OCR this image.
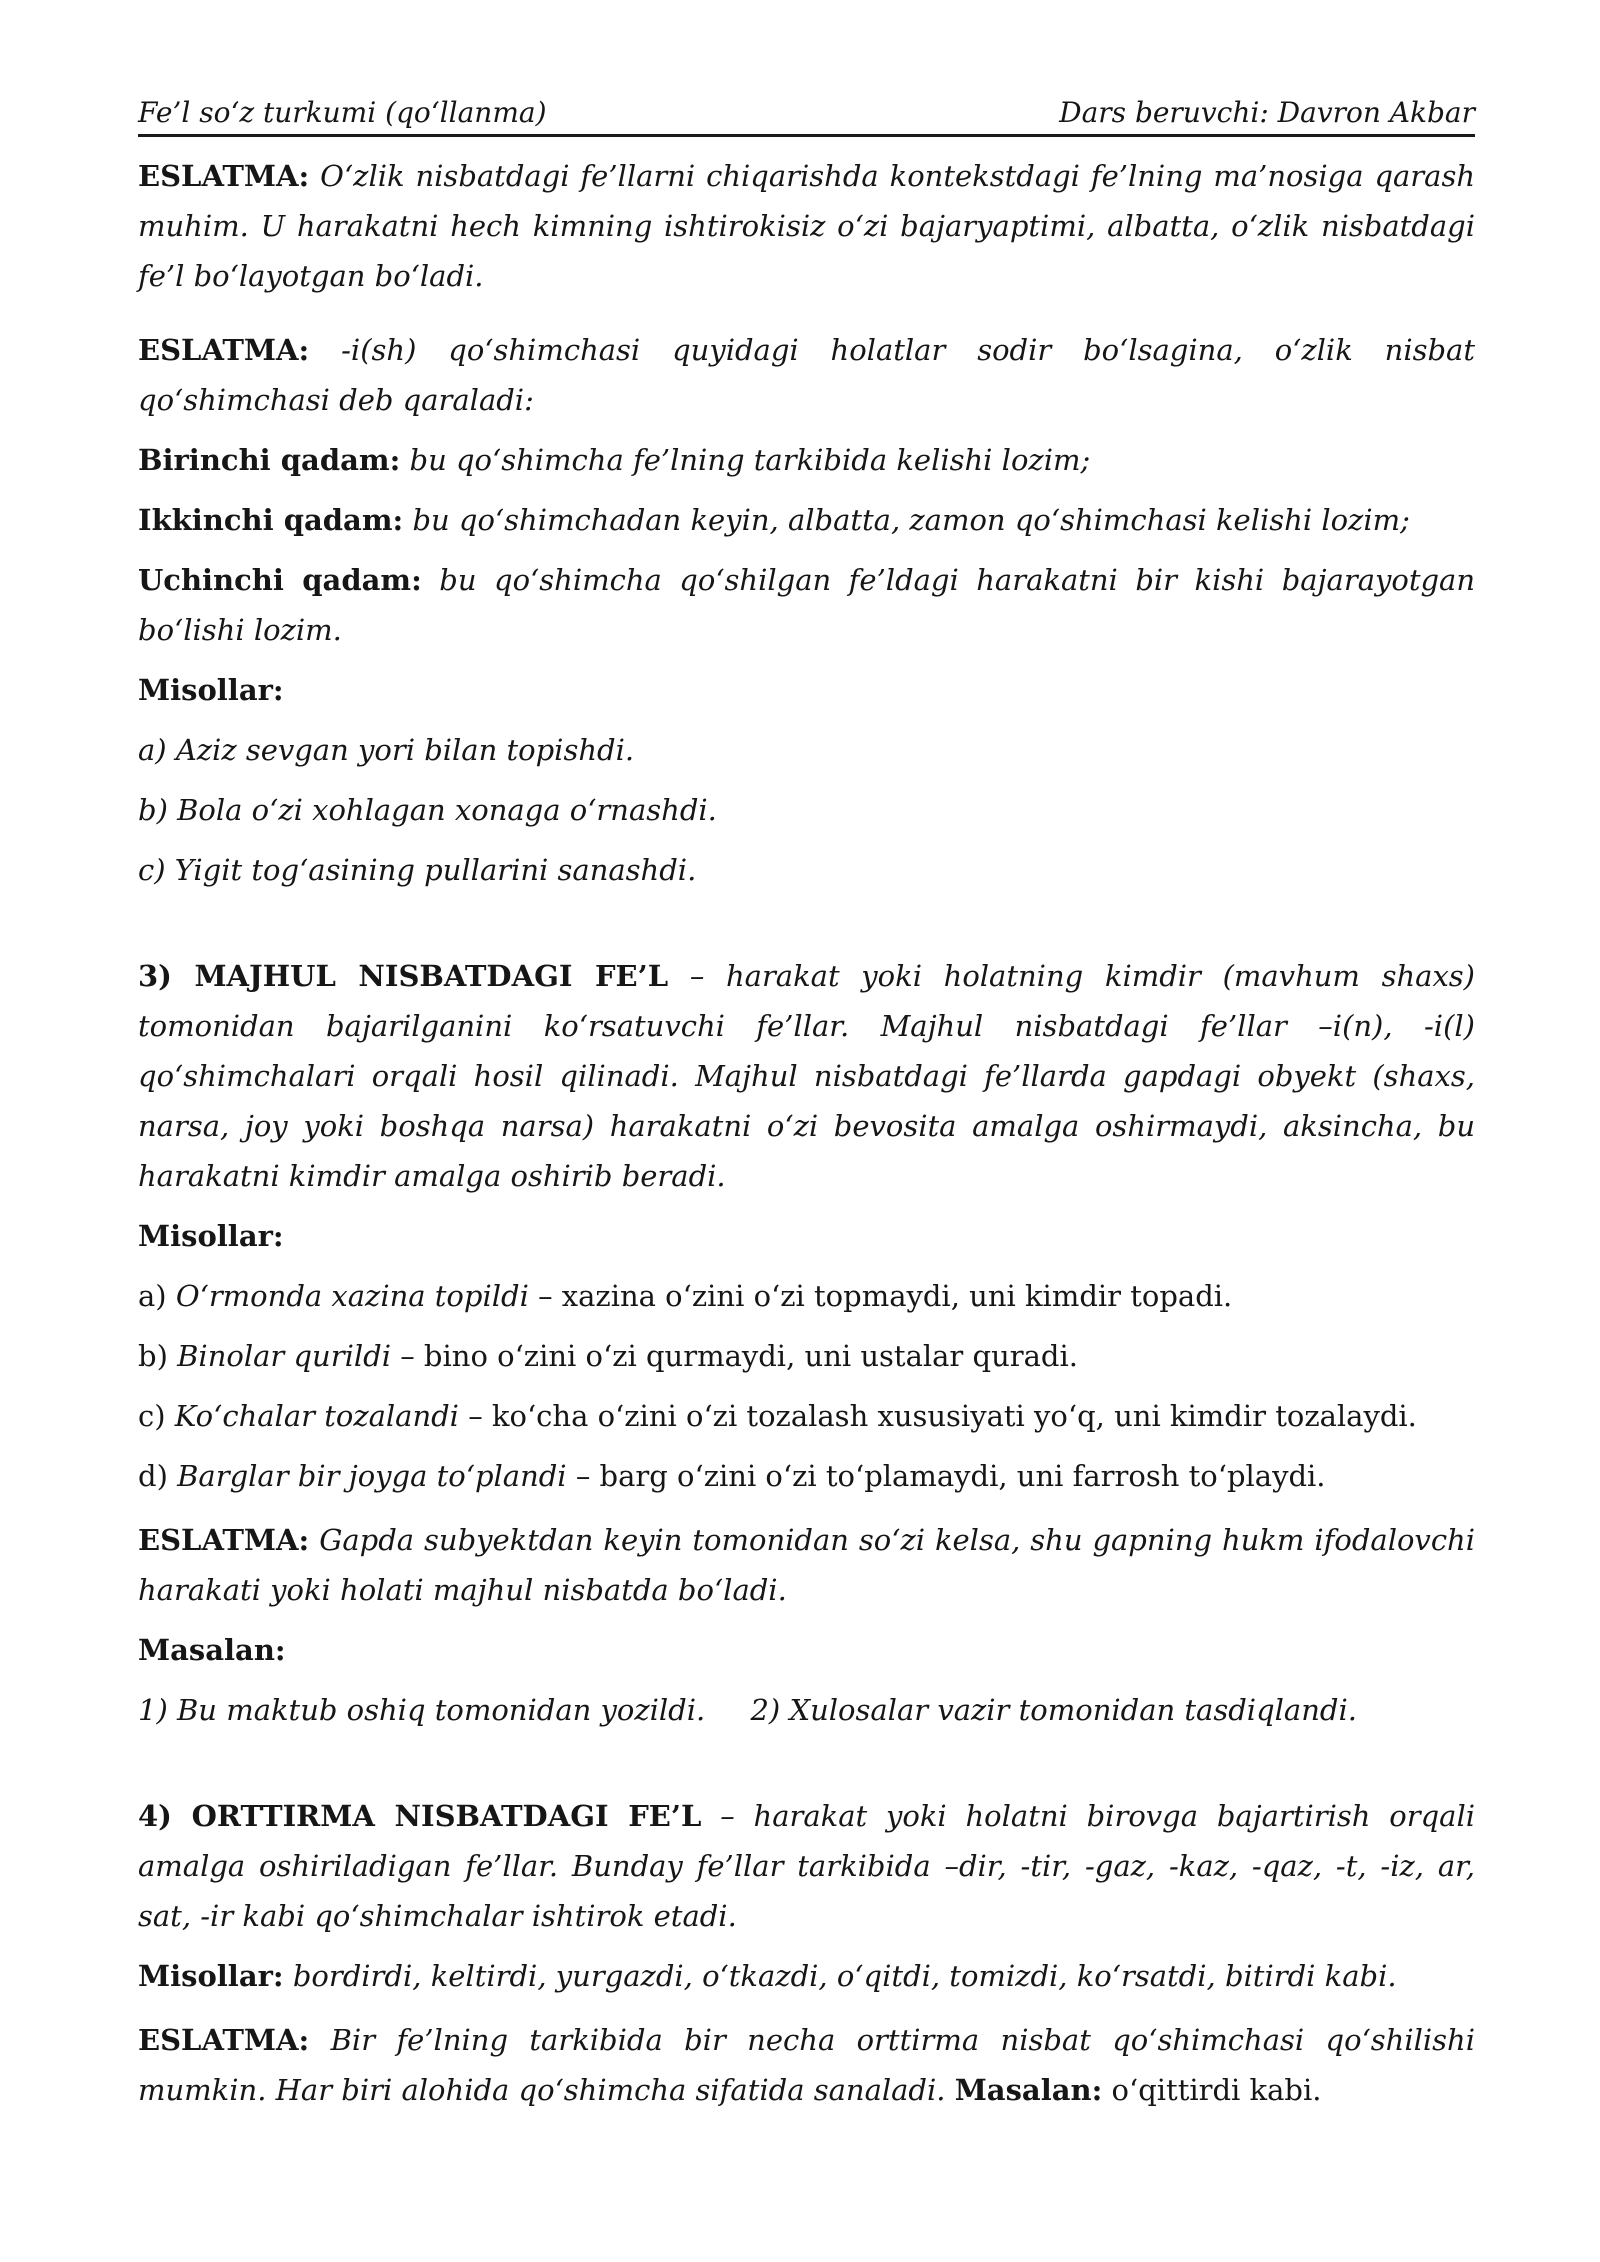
Fe’l so‘z turkumi (qo‘llanma)	Dars beruvchi: Davron Akbar

ESLATMA: O‘zlik nisbatdagi fe’llarni chiqarishda kontekstdagi fe’lning ma’nosiga qarash muhim. U harakatni hech kimning ishtirokisiz o‘zi bajaryaptimi, albatta, o‘zlik nisbatdagi fe’l bo‘layotgan bo‘ladi.

ESLATMA: -i(sh) qo‘shimchasi quyidagi holatlar sodir bo‘lsagina, o‘zlik nisbat qo‘shimchasi deb qaraladi:

Birinchi qadam: bu qo‘shimcha fe’lning tarkibida kelishi lozim;

Ikkinchi qadam: bu qo‘shimchadan keyin, albatta, zamon qo‘shimchasi kelishi lozim;

Uchinchi qadam: bu qo‘shimcha qo‘shilgan fe’ldagi harakatni bir kishi bajarayotgan bo‘lishi lozim.

Misollar:

a) Aziz sevgan yori bilan topishdi.

b) Bola o‘zi xohlagan xonaga o‘rnashdi.

c) Yigit tog‘asining pullarini sanashdi.

3) MAJHUL NISBATDAGI FE’L – harakat yoki holatning kimdir (mavhum shaxs) tomonidan bajarilganini ko‘rsatuvchi fe’llar. Majhul nisbatdagi fe’llar –i(n), -i(l) qo‘shimchalari orqali hosil qilinadi. Majhul nisbatdagi fe’llarda gapdagi obyekt (shaxs, narsa, joy yoki boshqa narsa) harakatni o‘zi bevosita amalga oshirmaydi, aksincha, bu harakatni kimdir amalga oshirib beradi.

Misollar:

a) O‘rmonda xazina topildi – xazina o‘zini o‘zi topmaydi, uni kimdir topadi.

b) Binolar qurildi – bino o‘zini o‘zi qurmaydi, uni ustalar quradi.

c) Ko‘chalar tozalandi – ko‘cha o‘zini o‘zi tozalash xususiyati yo‘q, uni kimdir tozalaydi.

d) Barglar bir joyga to‘plandi – barg o‘zini o‘zi to‘plamaydi, uni farrosh to‘playdi.

ESLATMA: Gapda subyektdan keyin tomonidan so‘zi kelsa, shu gapning hukm ifodalovchi harakati yoki holati majhul nisbatda bo‘ladi.

Masalan:

1) Bu maktub oshiq tomonidan yozildi. 2) Xulosalar vazir tomonidan tasdiqlandi.

4) ORTTIRMA NISBATDAGI FE’L – harakat yoki holatni birovga bajartirish orqali amalga oshiriladigan fe’llar. Bunday fe’llar tarkibida –dir, -tir, -gaz, -kaz, -qaz, -t, -iz, ar, sat, -ir kabi qo‘shimchalar ishtirok etadi.

Misollar: bordirdi, keltirdi, yurgazdi, o‘tkazdi, o‘qitdi, tomizdi, ko‘rsatdi, bitirdi kabi.

ESLATMA: Bir fe’lning tarkibida bir necha orttirma nisbat qo‘shimchasi qo‘shilishi mumkin. Har biri alohida qo‘shimcha sifatida sanaladi. Masalan: o‘qittirdi kabi.
